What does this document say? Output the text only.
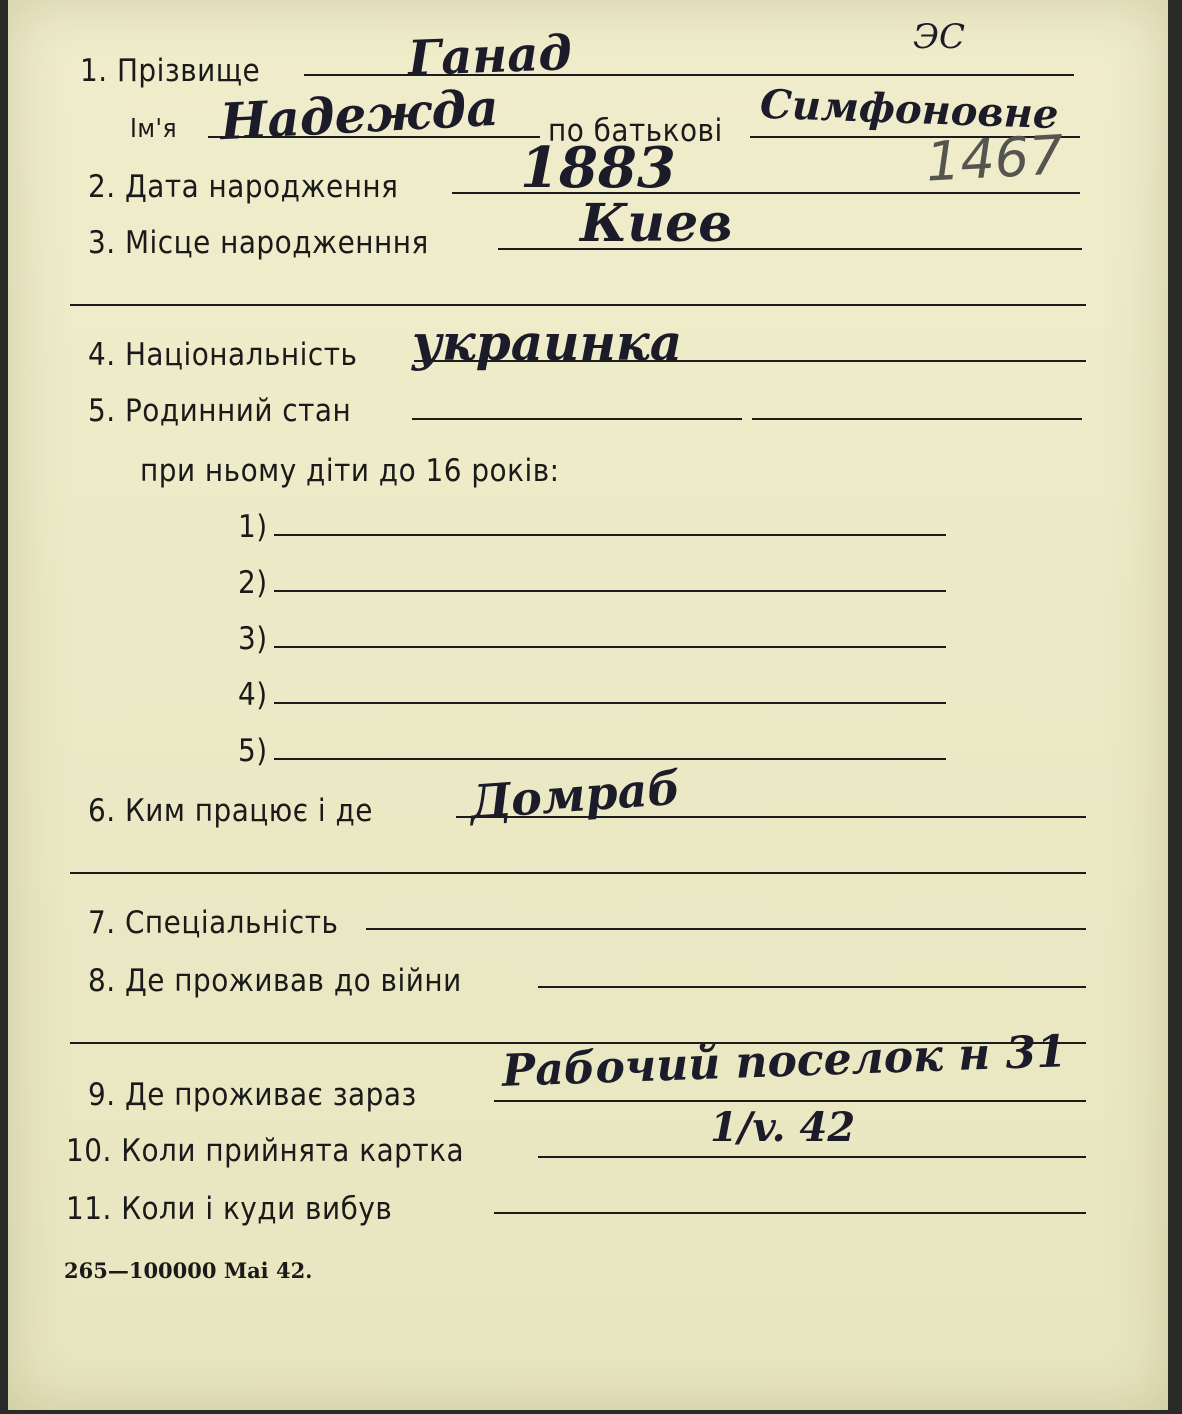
1. Прізвище	Ганад	ЭС
Ім'я Надежда по батькові Симфоновне
2. Дата народження 1883	1467
3. Місце народженння	Киев
4. Національність украинка
5. Родинний стан
при ньому діти до 16 років:
1)
2)
3)
4)
5)
6. Ким працює і де Домраб
7. Спеціальність
8. Де проживав до війни
9. Де проживає зараз Рабочий поселок н 31
10. Коли прийнята картка	1/v. 42
11. Коли і куди вибув
265—100000 Mai 42.
